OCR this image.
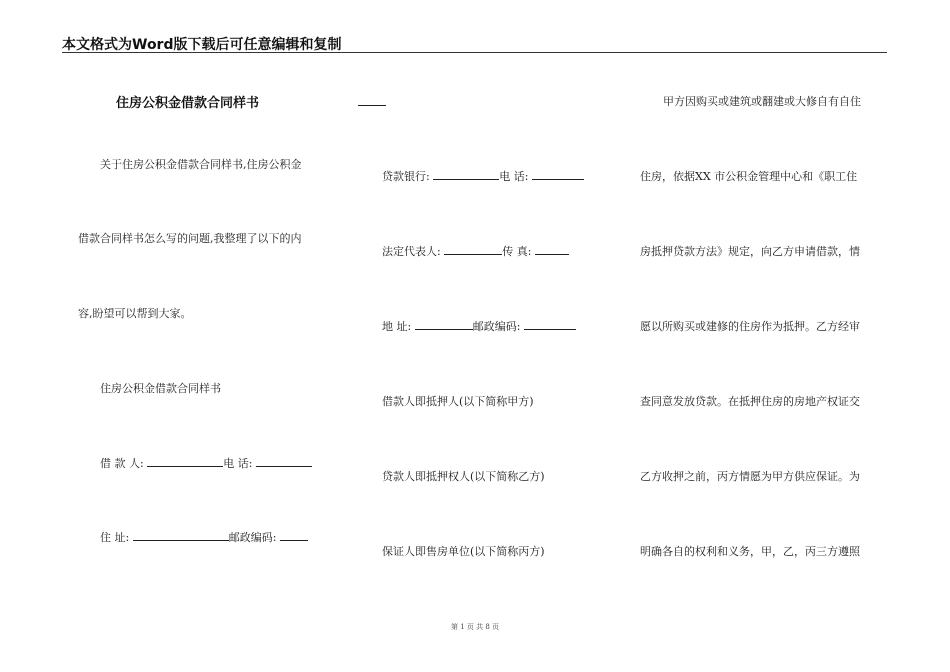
本文格式为Word版下载后可任意编辑和复制
住房公积金借款合同样书
关于住房公积金借款合同样书,住房公积金
借款合同样书怎么写的问题,我整理了以下的内
容,盼望可以帮到大家。
住房公积金借款合同样书
借 款 人:	电 话:
住 址:	邮政编码:
贷款银行:	电 话:
法定代表人:	传 真:
地 址:	邮政编码:
借款人即抵押人(以下简称甲方)
贷款人即抵押权人(以下简称乙方)
保证人即售房单位(以下简称丙方)
甲方因购买或建筑或翻建或大修自有自住
住房，依据XX 市公积金管理中心和《职工住
房抵押贷款方法》规定，向乙方申请借款，情
愿以所购买或建修的住房作为抵押。乙方经审
查同意发放贷款。在抵押住房的房地产权证交
乙方收押之前，丙方情愿为甲方供应保证。为
明确各自的权利和义务，甲，乙，丙三方遵照
第 1 页 共 8 页
